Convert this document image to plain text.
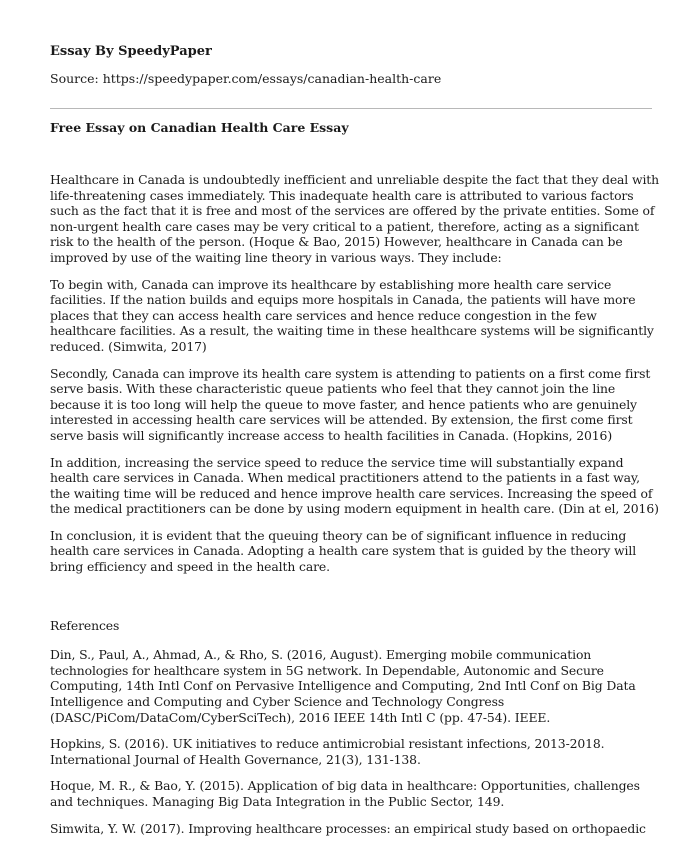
Essay By SpeedyPaper
Source: https://speedypaper.com/essays/canadian-health-care
Free Essay on Canadian Health Care Essay

Healthcare in Canada is undoubtedly inefficient and unreliable despite the fact that they deal with life-threatening cases immediately. This inadequate health care is attributed to various factors such as the fact that it is free and most of the services are offered by the private entities. Some of non-urgent health care cases may be very critical to a patient, therefore, acting as a significant risk to the health of the person. (Hoque & Bao, 2015) However, healthcare in Canada can be improved by use of the waiting line theory in various ways. They include:

To begin with, Canada can improve its healthcare by establishing more health care service facilities. If the nation builds and equips more hospitals in Canada, the patients will have more places that they can access health care services and hence reduce congestion in the few healthcare facilities. As a result, the waiting time in these healthcare systems will be significantly reduced. (Simwita, 2017)

Secondly, Canada can improve its health care system is attending to patients on a first come first serve basis. With these characteristic queue patients who feel that they cannot join the line because it is too long will help the queue to move faster, and hence patients who are genuinely interested in accessing health care services will be attended. By extension, the first come first serve basis will significantly increase access to health facilities in Canada. (Hopkins, 2016)

In addition, increasing the service speed to reduce the service time will substantially expand health care services in Canada. When medical practitioners attend to the patients in a fast way, the waiting time will be reduced and hence improve health care services. Increasing the speed of the medical practitioners can be done by using modern equipment in health care. (Din at el, 2016)

In conclusion, it is evident that the queuing theory can be of significant influence in reducing health care services in Canada. Adopting a health care system that is guided by the theory will bring efficiency and speed in the health care.

References

Din, S., Paul, A., Ahmad, A., & Rho, S. (2016, August). Emerging mobile communication technologies for healthcare system in 5G network. In Dependable, Autonomic and Secure Computing, 14th Intl Conf on Pervasive Intelligence and Computing, 2nd Intl Conf on Big Data Intelligence and Computing and Cyber Science and Technology Congress (DASC/PiCom/DataCom/CyberSciTech), 2016 IEEE 14th Intl C (pp. 47-54). IEEE.

Hopkins, S. (2016). UK initiatives to reduce antimicrobial resistant infections, 2013-2018. International Journal of Health Governance, 21(3), 131-138.

Hoque, M. R., & Bao, Y. (2015). Application of big data in healthcare: Opportunities, challenges and techniques. Managing Big Data Integration in the Public Sector, 149.

Simwita, Y. W. (2017). Improving healthcare processes: an empirical study based on orthopaedic
